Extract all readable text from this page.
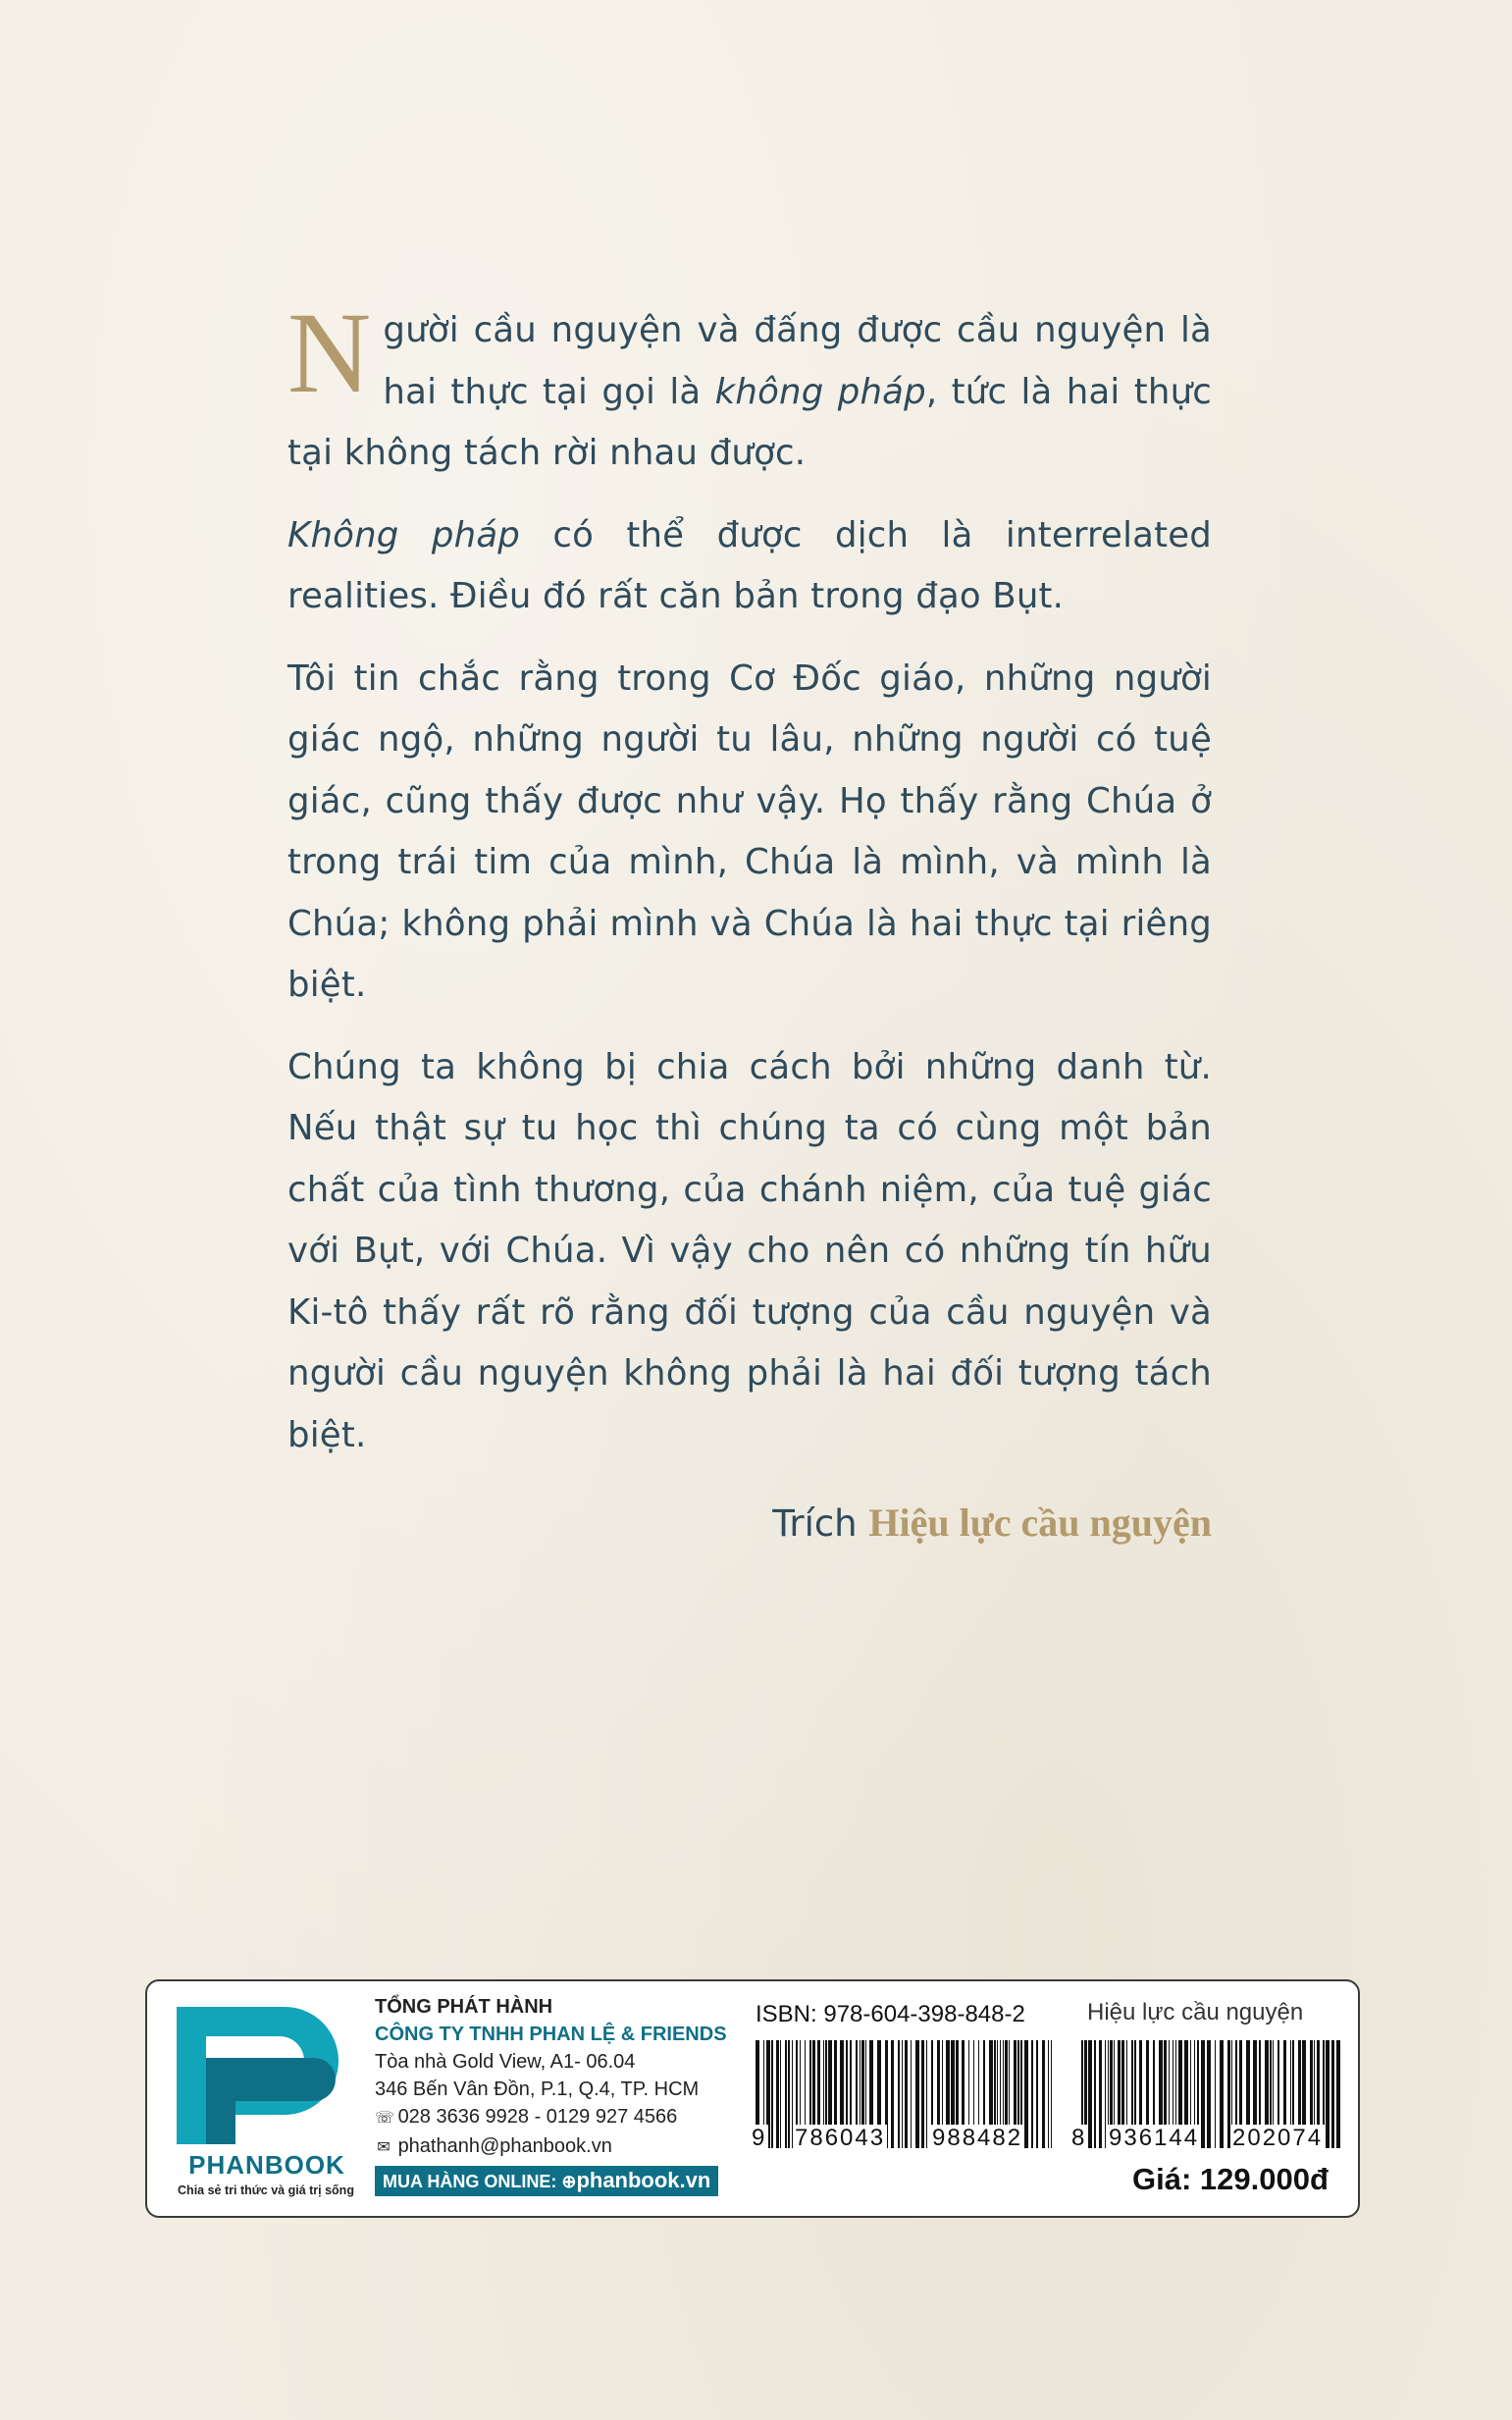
Người cầu nguyện và đấng được cầu nguyện là hai thực tại gọi là không pháp, tức là hai thực tại không tách rời nhau được.

Không pháp có thể được dịch là interrelated realities. Điều đó rất căn bản trong đạo Bụt.

Tôi tin chắc rằng trong Cơ Đốc giáo, những người giác ngộ, những người tu lâu, những người có tuệ giác, cũng thấy được như vậy. Họ thấy rằng Chúa ở trong trái tim của mình, Chúa là mình, và mình là Chúa; không phải mình và Chúa là hai thực tại riêng biệt.

Chúng ta không bị chia cách bởi những danh từ. Nếu thật sự tu học thì chúng ta có cùng một bản chất của tình thương, của chánh niệm, của tuệ giác với Bụt, với Chúa. Vì vậy cho nên có những tín hữu Ki-tô thấy rất rõ rằng đối tượng của cầu nguyện và người cầu nguyện không phải là hai đối tượng tách biệt.

Trích Hiệu lực cầu nguyện
PHANBOOK
Chia sẻ tri thức và giá trị sống
TỔNG PHÁT HÀNH
CÔNG TY TNHH PHAN LỆ & FRIENDS
Tòa nhà Gold View, A1- 06.04
346 Bến Vân Đồn, P.1, Q.4, TP. HCM
☏ 028 3636 9928 - 0129 927 4566
✉ phathanh@phanbook.vn
MUA HÀNG ONLINE: ⊕phanbook.vn
ISBN: 978-604-398-848-2	Hiệu lực cầu nguyện
9 786043 988482 8 936144 202074
Giá: 129.000đ
